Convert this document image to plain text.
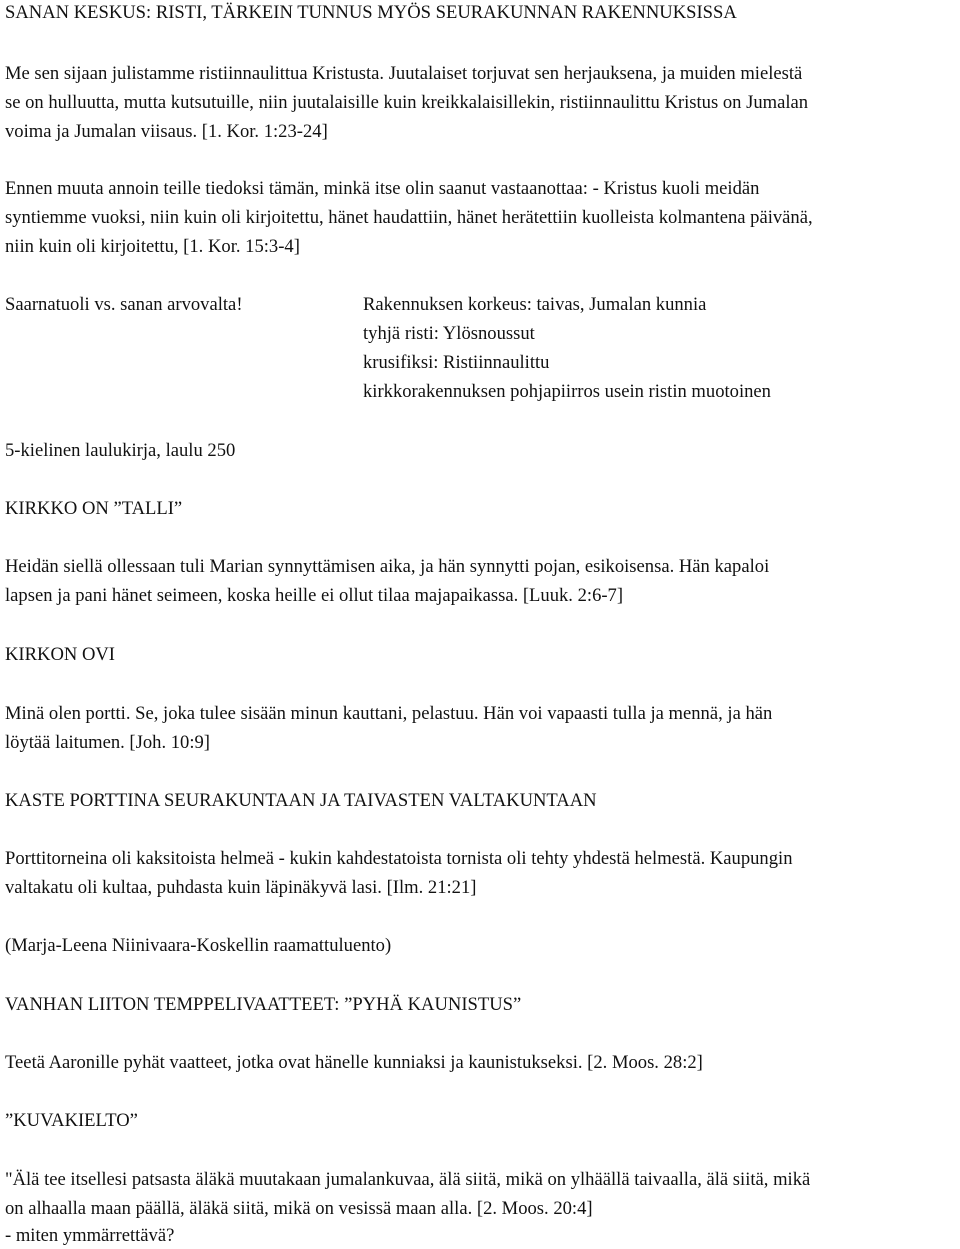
SANAN KESKUS: RISTI, TÄRKEIN TUNNUS MYÖS SEURAKUNNAN RAKENNUKSISSA
Me sen sijaan julistamme ristiinnaulittua Kristusta. Juutalaiset torjuvat sen herjauksena, ja muiden mielestä
se on hulluutta, mutta kutsutuille, niin juutalaisille kuin kreikkalaisillekin, ristiinnaulittu Kristus on Jumalan
voima ja Jumalan viisaus. [1. Kor. 1:23-24]
Ennen muuta annoin teille tiedoksi tämän, minkä itse olin saanut vastaanottaa: - Kristus kuoli meidän
syntiemme vuoksi, niin kuin oli kirjoitettu, hänet haudattiin, hänet herätettiin kuolleista kolmantena päivänä,
niin kuin oli kirjoitettu, [1. Kor. 15:3-4]
Saarnatuoli vs. sanan arvovalta!	Rakennuksen korkeus: taivas, Jumalan kunnia
tyhjä risti: Ylösnoussut
krusifiksi: Ristiinnaulittu
kirkkorakennuksen pohjapiirros usein ristin muotoinen
5-kielinen laulukirja, laulu 250
KIRKKO ON ”TALLI”
Heidän siellä ollessaan tuli Marian synnyttämisen aika, ja hän synnytti pojan, esikoisensa. Hän kapaloi
lapsen ja pani hänet seimeen, koska heille ei ollut tilaa majapaikassa. [Luuk. 2:6-7]
KIRKON OVI
Minä olen portti. Se, joka tulee sisään minun kauttani, pelastuu. Hän voi vapaasti tulla ja mennä, ja hän
löytää laitumen. [Joh. 10:9]
KASTE PORTTINA SEURAKUNTAAN JA TAIVASTEN VALTAKUNTAAN
Porttitorneina oli kaksitoista helmeä - kukin kahdestatoista tornista oli tehty yhdestä helmestä. Kaupungin
valtakatu oli kultaa, puhdasta kuin läpinäkyvä lasi. [Ilm. 21:21]
(Marja-Leena Niinivaara-Koskellin raamattuluento)
VANHAN LIITON TEMPPELIVAATTEET: ”PYHÄ KAUNISTUS”
Teetä Aaronille pyhät vaatteet, jotka ovat hänelle kunniaksi ja kaunistukseksi. [2. Moos. 28:2]
”KUVAKIELTO”
"Älä tee itsellesi patsasta äläkä muutakaan jumalankuvaa, älä siitä, mikä on ylhäällä taivaalla, älä siitä, mikä
on alhaalla maan päällä, äläkä siitä, mikä on vesissä maan alla. [2. Moos. 20:4]
- miten ymmärrettävä?
